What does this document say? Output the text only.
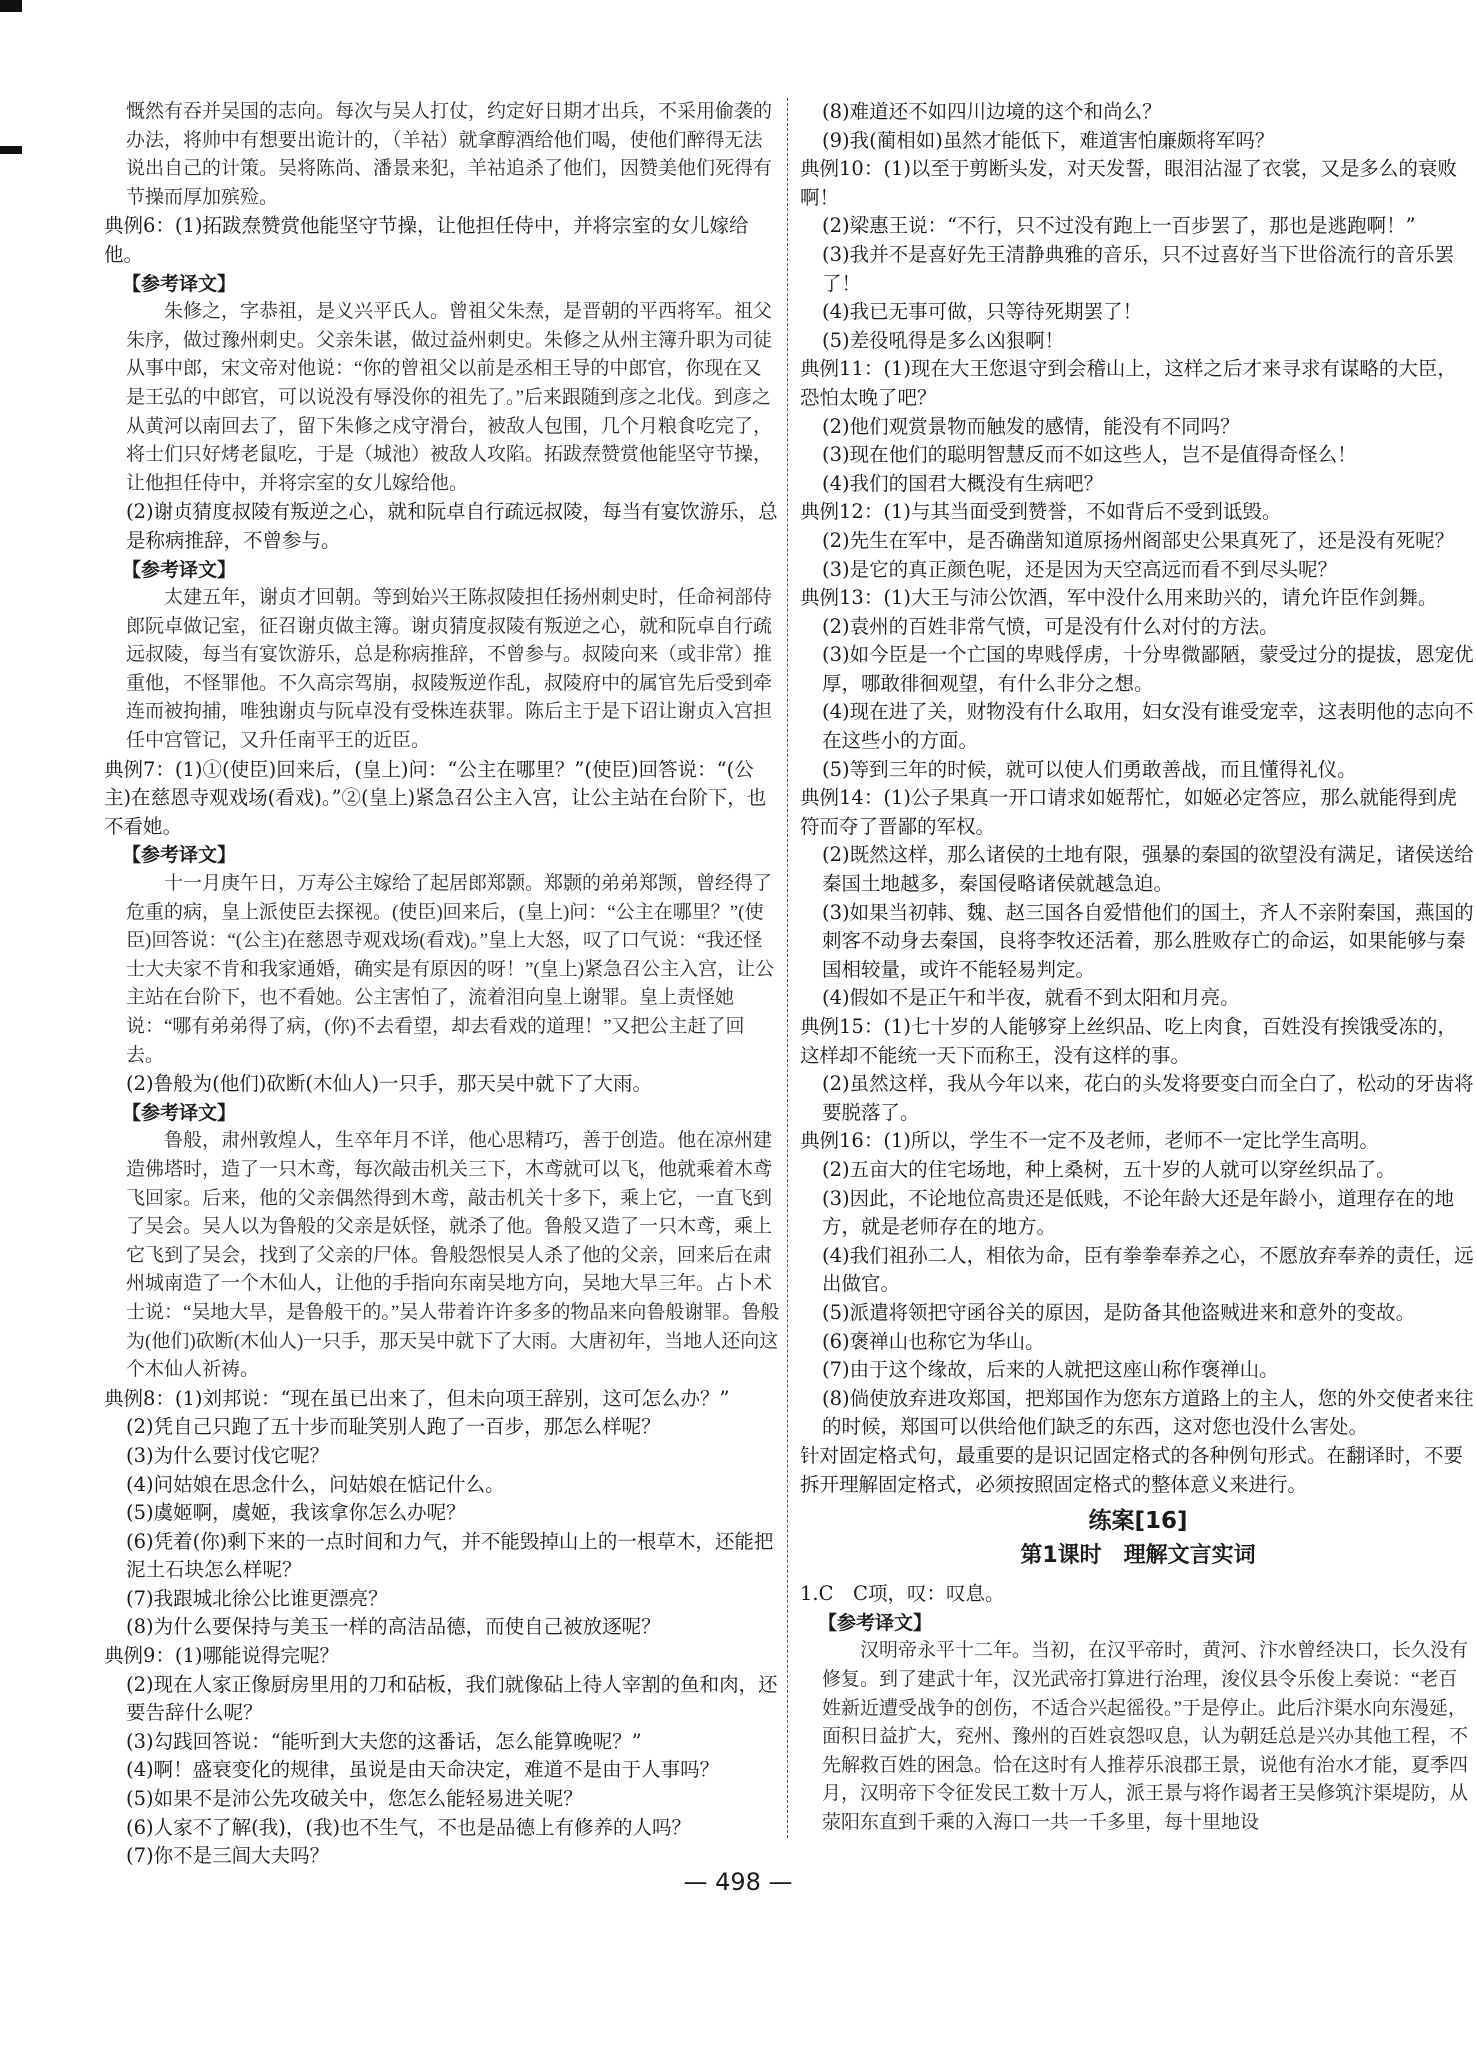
慨然有吞并吴国的志向。每次与吴人打仗，约定好日期才出兵，不采用偷袭的办法，将帅中有想要出诡计的，（羊祜）就拿醇酒给他们喝，使他们醉得无法说出自己的计策。吴将陈尚、潘景来犯，羊祜追杀了他们，因赞美他们死得有节操而厚加殡殓。

典例6：(1)拓跋焘赞赏他能坚守节操，让他担任侍中，并将宗室的女儿嫁给他。

【 参考译文 】

朱修之，字恭祖，是义兴平氏人。曾祖父朱焘，是晋朝的平西将军。祖父朱序，做过豫州刺史。父亲朱谌，做过益州刺史。朱修之从州主簿升职为司徒从事中郎，宋文帝对他说：“你的曾祖父以前是丞相王导的中郎官，你现在又是王弘的中郎官，可以说没有辱没你的祖先了。”后来跟随到彦之北伐。到彦之从黄河以南回去了，留下朱修之戍守滑台，被敌人包围，几个月粮食吃完了，将士们只好烤老鼠吃，于是（城池）被敌人攻陷。拓跋焘赞赏他能坚守节操，让他担任侍中，并将宗室的女儿嫁给他。

(2)谢贞猜度叔陵有叛逆之心，就和阮卓自行疏远叔陵，每当有宴饮游乐，总是称病推辞，不曾参与。

【 参考译文 】

太建五年，谢贞才回朝。等到始兴王陈叔陵担任扬州刺史时，任命祠部侍郎阮卓做记室，征召谢贞做主簿。谢贞猜度叔陵有叛逆之心，就和阮卓自行疏远叔陵，每当有宴饮游乐，总是称病推辞，不曾参与。叔陵向来（或非常）推重他，不怪罪他。不久高宗驾崩，叔陵叛逆作乱，叔陵府中的属官先后受到牵连而被拘捕，唯独谢贞与阮卓没有受株连获罪。陈后主于是下诏让谢贞入宫担任中宫管记，又升任南平王的近臣。

典例7：(1)①(使臣)回来后，(皇上)问：“公主在哪里？”(使臣)回答说：“(公主)在慈恩寺观戏场(看戏)。”②(皇上)紧急召公主入宫，让公主站在台阶下，也不看她。

【 参考译文 】

十一月庚午日，万寿公主嫁给了起居郎郑颢。郑颢的弟弟郑𫖮，曾经得了危重的病，皇上派使臣去探视。(使臣)回来后，(皇上)问：“公主在哪里？”(使臣)回答说：“(公主)在慈恩寺观戏场(看戏)。”皇上大怒，叹了口气说：“我还怪士大夫家不肯和我家通婚，确实是有原因的呀！”(皇上)紧急召公主入宫，让公主站在台阶下，也不看她。公主害怕了，流着泪向皇上谢罪。皇上责怪她说：“哪有弟弟得了病，(你)不去看望，却去看戏的道理！”又把公主赶了回去。

(2)鲁般为(他们)砍断(木仙人)一只手，那天吴中就下了大雨。

【 参考译文 】

鲁般，肃州敦煌人，生卒年月不详，他心思精巧，善于创造。他在凉州建造佛塔时，造了一只木鸢，每次敲击机关三下，木鸢就可以飞，他就乘着木鸢飞回家。后来，他的父亲偶然得到木鸢，敲击机关十多下，乘上它，一直飞到了吴会。吴人以为鲁般的父亲是妖怪，就杀了他。鲁般又造了一只木鸢，乘上它飞到了吴会，找到了父亲的尸体。鲁般怨恨吴人杀了他的父亲，回来后在肃州城南造了一个木仙人，让他的手指向东南吴地方向，吴地大旱三年。占卜术士说：“吴地大旱，是鲁般干的。”吴人带着许许多多的物品来向鲁般谢罪。鲁般为(他们)砍断(木仙人)一只手，那天吴中就下了大雨。大唐初年，当地人还向这个木仙人祈祷。

典例8：(1)刘邦说：“现在虽已出来了，但未向项王辞别，这可怎么办？”

(2)凭自己只跑了五十步而耻笑别人跑了一百步，那怎么样呢？

(3)为什么要讨伐它呢？

(4)问姑娘在思念什么，问姑娘在惦记什么。

(5)虞姬啊，虞姬，我该拿你怎么办呢？

(6)凭着(你)剩下来的一点时间和力气，并不能毁掉山上的一根草木，还能把泥土石块怎么样呢？

(7)我跟城北徐公比谁更漂亮？

(8)为什么要保持与美玉一样的高洁品德，而使自己被放逐呢？

典例9：(1)哪能说得完呢？

(2)现在人家正像厨房里用的刀和砧板，我们就像砧上待人宰割的鱼和肉，还要告辞什么呢？

(3)勾践回答说：“能听到大夫您的这番话，怎么能算晚呢？”

(4)啊！盛衰变化的规律，虽说是由天命决定，难道不是由于人事吗？

(5)如果不是沛公先攻破关中，您怎么能轻易进关呢？

(6)人家不了解(我)，(我)也不生气，不也是品德上有修养的人吗？

(7)你不是三闾大夫吗？

(8)难道还不如四川边境的这个和尚么？

(9)我(蔺相如)虽然才能低下，难道害怕廉颇将军吗？

典例10：(1)以至于剪断头发，对天发誓，眼泪沾湿了衣裳，又是多么的衰败啊！

(2)梁惠王说：“不行，只不过没有跑上一百步罢了，那也是逃跑啊！”

(3)我并不是喜好先王清静典雅的音乐，只不过喜好当下世俗流行的音乐罢了！

(4)我已无事可做，只等待死期罢了！

(5)差役吼得是多么凶狠啊！

典例11：(1)现在大王您退守到会稽山上，这样之后才来寻求有谋略的大臣，恐怕太晚了吧？

(2)他们观赏景物而触发的感情，能没有不同吗？

(3)现在他们的聪明智慧反而不如这些人，岂不是值得奇怪么！

(4)我们的国君大概没有生病吧？

典例12：(1)与其当面受到赞誉，不如背后不受到诋毁。

(2)先生在军中，是否确凿知道原扬州阁部史公果真死了，还是没有死呢？

(3)是它的真正颜色呢，还是因为天空高远而看不到尽头呢？

典例13：(1)大王与沛公饮酒，军中没什么用来助兴的，请允许臣作剑舞。

(2)袁州的百姓非常气愤，可是没有什么对付的方法。

(3)如今臣是一个亡国的卑贱俘虏，十分卑微鄙陋，蒙受过分的提拔，恩宠优厚，哪敢徘徊观望，有什么非分之想。

(4)现在进了关，财物没有什么取用，妇女没有谁受宠幸，这表明他的志向不在这些小的方面。

(5)等到三年的时候，就可以使人们勇敢善战，而且懂得礼仪。

典例14：(1)公子果真一开口请求如姬帮忙，如姬必定答应，那么就能得到虎符而夺了晋鄙的军权。

(2)既然这样，那么诸侯的土地有限，强暴的秦国的欲望没有满足，诸侯送给秦国土地越多，秦国侵略诸侯就越急迫。

(3)如果当初韩、魏、赵三国各自爱惜他们的国土，齐人不亲附秦国，燕国的刺客不动身去秦国，良将李牧还活着，那么胜败存亡的命运，如果能够与秦国相较量，或许不能轻易判定。

(4)假如不是正午和半夜，就看不到太阳和月亮。

典例15：(1)七十岁的人能够穿上丝织品、吃上肉食，百姓没有挨饿受冻的，这样却不能统一天下而称王，没有这样的事。

(2)虽然这样，我从今年以来，花白的头发将要变白而全白了，松动的牙齿将要脱落了。

典例16：(1)所以，学生不一定不及老师，老师不一定比学生高明。

(2)五亩大的住宅场地，种上桑树，五十岁的人就可以穿丝织品了。

(3)因此，不论地位高贵还是低贱，不论年龄大还是年龄小，道理存在的地方，就是老师存在的地方。

(4)我们祖孙二人，相依为命，臣有拳拳奉养之心，不愿放弃奉养的责任，远出做官。

(5)派遣将领把守函谷关的原因，是防备其他盗贼进来和意外的变故。

(6)褒禅山也称它为华山。

(7)由于这个缘故，后来的人就把这座山称作褒禅山。

(8)倘使放弃进攻郑国，把郑国作为您东方道路上的主人，您的外交使者来往的时候，郑国可以供给他们缺乏的东西，这对您也没什么害处。

针对固定格式句，最重要的是识记固定格式的各种例句形式。在翻译时，不要拆开理解固定格式，必须按照固定格式的整体意义来进行。

练案[16]

第1课时　理解文言实词

1.C　C项，叹：叹息。

【 参考译文 】

汉明帝永平十二年。当初，在汉平帝时，黄河、汴水曾经决口，长久没有修复。到了建武十年，汉光武帝打算进行治理，浚仪县令乐俊上奏说：“老百姓新近遭受战争的创伤，不适合兴起徭役。”于是停止。此后汴渠水向东漫延，面积日益扩大，兖州、豫州的百姓哀怨叹息，认为朝廷总是兴办其他工程，不先解救百姓的困急。恰在这时有人推荐乐浪郡王景，说他有治水才能，夏季四月，汉明帝下令征发民工数十万人，派王景与将作谒者王吴修筑汴渠堤防，从荥阳东直到千乘的入海口一共一千多里，每十里地设

— 498 —
